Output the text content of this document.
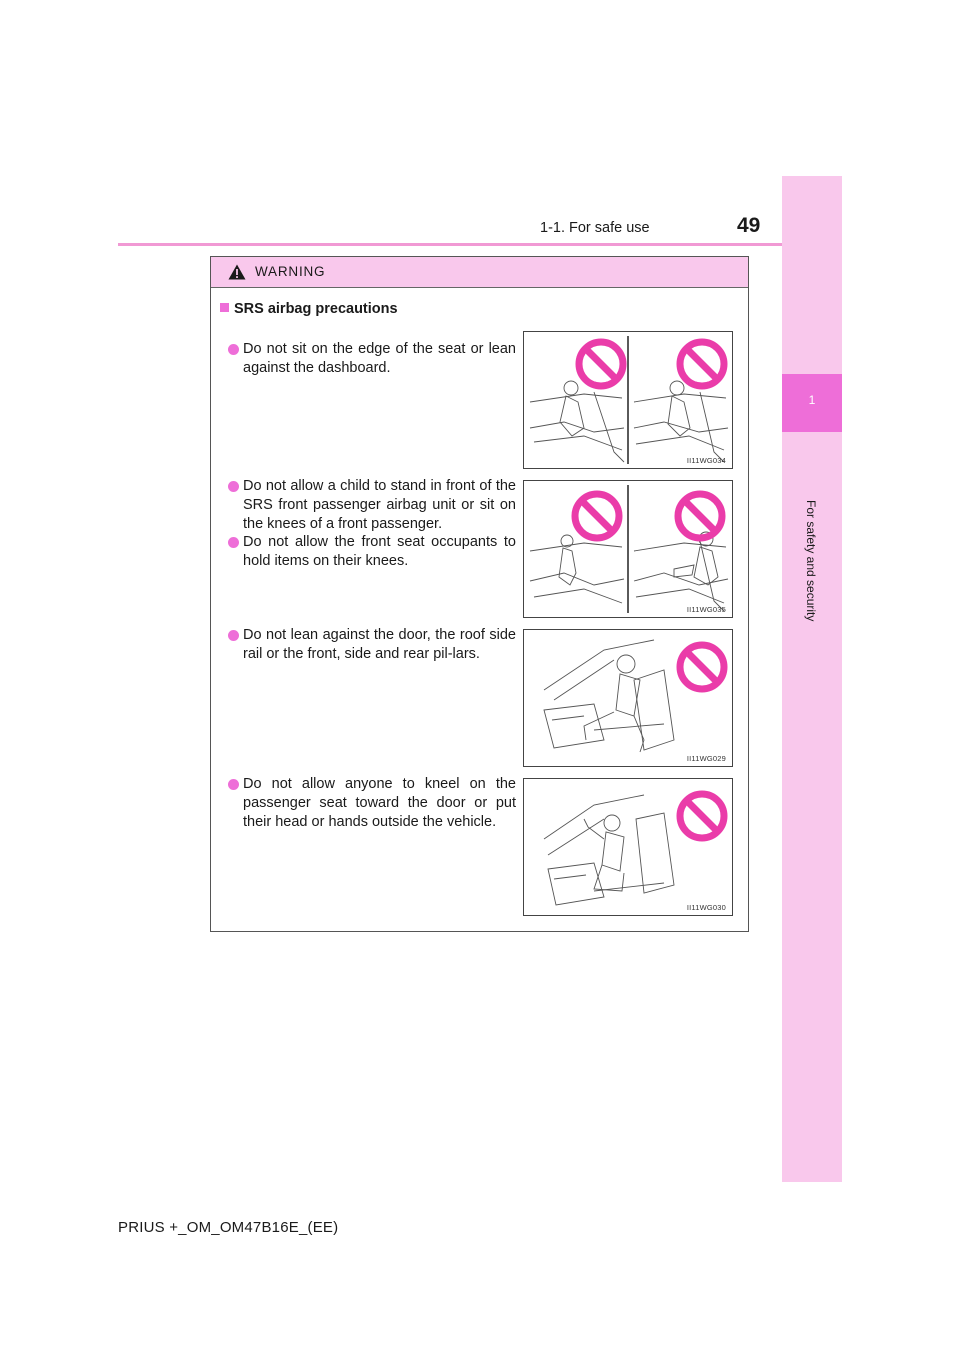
1-1. For safe use	49
1
For safety and security
WARNING
SRS airbag precautions
Do not sit on the edge of the seat or lean against the dashboard.
II11WG034
Do not allow a child to stand in front of the SRS front passenger airbag unit or sit on the knees of a front passenger.
Do not allow the front seat occupants to hold items on their knees.
II11WG035
Do not lean against the door, the roof side rail or the front, side and rear pil-lars.
II11WG029
Do not allow anyone to kneel on the passenger seat toward the door or put their head or hands outside the vehicle.
II11WG030
PRIUS +_OM_OM47B16E_(EE)
